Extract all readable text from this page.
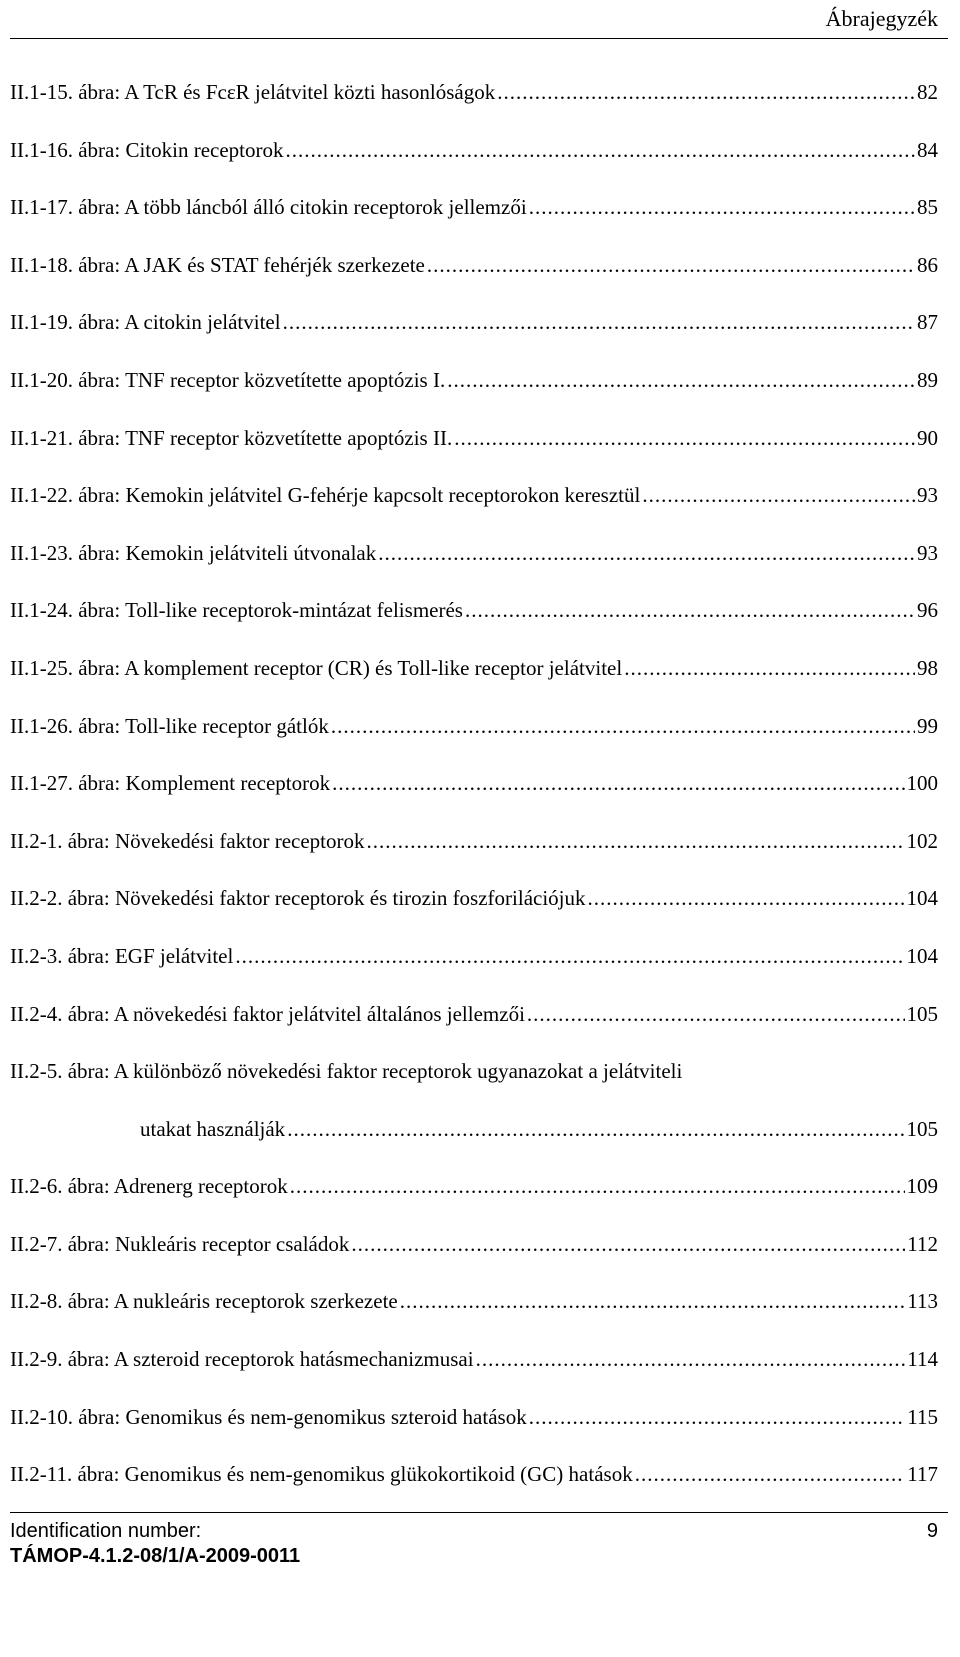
Ábrajegyzék
II.1-15. ábra: A TcR és FcεR jelátvitel közti hasonlóságok .....	82
II.1-16. ábra: Citokin receptorok .....	84
II.1-17. ábra: A több láncból álló citokin receptorok jellemzői .....	85
II.1-18. ábra: A JAK és STAT fehérjék szerkezete .....	86
II.1-19. ábra: A citokin jelátvitel .....	87
II.1-20. ábra: TNF receptor közvetítette apoptózis I. .....	89
II.1-21. ábra: TNF receptor közvetítette apoptózis II. .....	90
II.1-22. ábra: Kemokin jelátvitel G-fehérje kapcsolt receptorokon keresztül .....	93
II.1-23. ábra: Kemokin jelátviteli útvonalak .....	93
II.1-24. ábra: Toll-like receptorok-mintázat felismerés .....	96
II.1-25. ábra: A komplement receptor (CR) és Toll-like receptor jelátvitel .....	98
II.1-26. ábra: Toll-like receptor gátlók .....	99
II.1-27. ábra: Komplement receptorok .....	100
II.2-1. ábra: Növekedési faktor receptorok .....	102
II.2-2. ábra: Növekedési faktor receptorok és tirozin foszforilációjuk .....	104
II.2-3. ábra: EGF jelátvitel .....	104
II.2-4. ábra: A növekedési faktor jelátvitel általános jellemzői .....	105
II.2-5. ábra: A különböző növekedési faktor receptorok ugyanazokat a jelátviteli
utakat használják .....	105
II.2-6. ábra: Adrenerg receptorok .....	109
II.2-7. ábra: Nukleáris receptor családok .....	112
II.2-8. ábra: A nukleáris receptorok szerkezete .....	113
II.2-9. ábra: A szteroid receptorok hatásmechanizmusai .....	114
II.2-10. ábra: Genomikus és nem-genomikus szteroid hatások .....	115
II.2-11. ábra: Genomikus és nem-genomikus glükokortikoid (GC) hatások .....	117
Identification number:	9
TÁMOP-4.1.2-08/1/A-2009-0011
